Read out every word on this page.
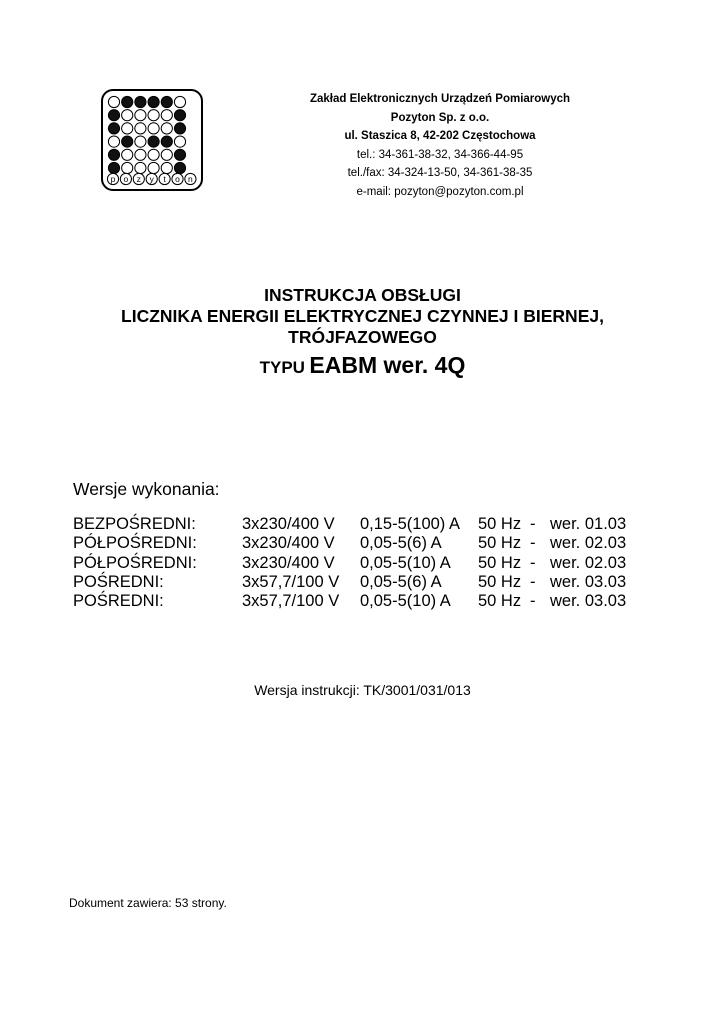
p o z y t o n
Zakład Elektronicznych Urządzeń Pomiarowych
Pozyton Sp. z o.o.
ul. Staszica 8, 42-202 Częstochowa
tel.: 34-361-38-32, 34-366-44-95
tel./fax: 34-324-13-50, 34-361-38-35
e-mail: pozyton@pozyton.com.pl
INSTRUKCJA OBSŁUGI
LICZNIKA ENERGII ELEKTRYCZNEJ CZYNNEJ I BIERNEJ,
TRÓJFAZOWEGO
TYPU EABM wer. 4Q
Wersje wykonania:
BEZPOŚREDNI:	3x230/400 V 0,15-5(100) A 50 Hz - wer. 01.03
PÓŁPOŚREDNI:	3x230/400 V 0,05-5(6) A 50 Hz - wer. 02.03
PÓŁPOŚREDNI:	3x230/400 V 0,05-5(10) A 50 Hz - wer. 02.03
POŚREDNI:	3x57,7/100 V 0,05-5(6) A 50 Hz - wer. 03.03
POŚREDNI:	3x57,7/100 V 0,05-5(10) A 50 Hz - wer. 03.03
Wersja instrukcji: TK/3001/031/013
Dokument zawiera: 53 strony.
